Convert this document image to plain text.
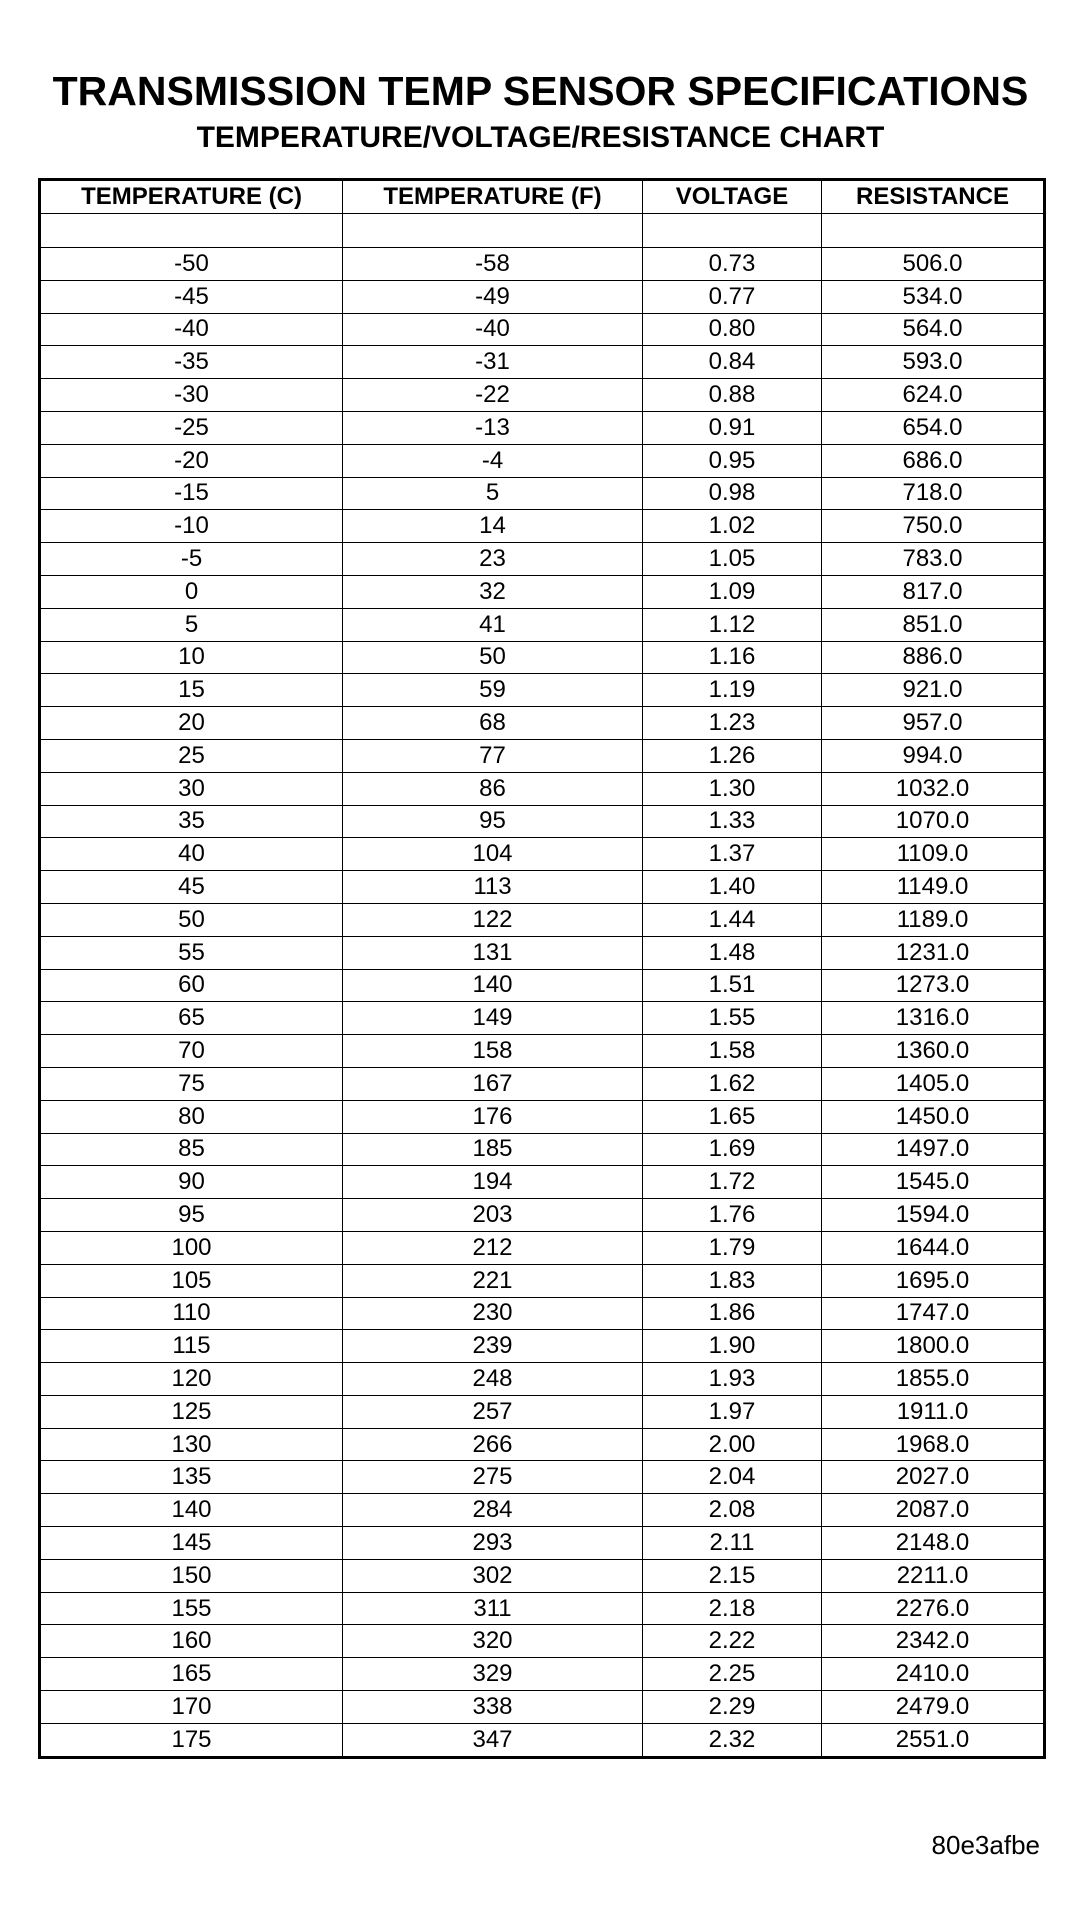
TRANSMISSION TEMP SENSOR SPECIFICATIONS
TEMPERATURE/VOLTAGE/RESISTANCE CHART
TEMPERATURE (C)	TEMPERATURE (F)	VOLTAGE	RESISTANCE

-50	-58	0.73	506.0
-45	-49	0.77	534.0
-40	-40	0.80	564.0
-35	-31	0.84	593.0
-30	-22	0.88	624.0
-25	-13	0.91	654.0
-20	-4	0.95	686.0
-15	5	0.98	718.0
-10	14	1.02	750.0
-5	23	1.05	783.0
0	32	1.09	817.0
5	41	1.12	851.0
10	50	1.16	886.0
15	59	1.19	921.0
20	68	1.23	957.0
25	77	1.26	994.0
30	86	1.30	1032.0
35	95	1.33	1070.0
40	104	1.37	1109.0
45	113	1.40	1149.0
50	122	1.44	1189.0
55	131	1.48	1231.0
60	140	1.51	1273.0
65	149	1.55	1316.0
70	158	1.58	1360.0
75	167	1.62	1405.0
80	176	1.65	1450.0
85	185	1.69	1497.0
90	194	1.72	1545.0
95	203	1.76	1594.0
100	212	1.79	1644.0
105	221	1.83	1695.0
110	230	1.86	1747.0
115	239	1.90	1800.0
120	248	1.93	1855.0
125	257	1.97	1911.0
130	266	2.00	1968.0
135	275	2.04	2027.0
140	284	2.08	2087.0
145	293	2.11	2148.0
150	302	2.15	2211.0
155	311	2.18	2276.0
160	320	2.22	2342.0
165	329	2.25	2410.0
170	338	2.29	2479.0
175	347	2.32	2551.0
80e3afbe
